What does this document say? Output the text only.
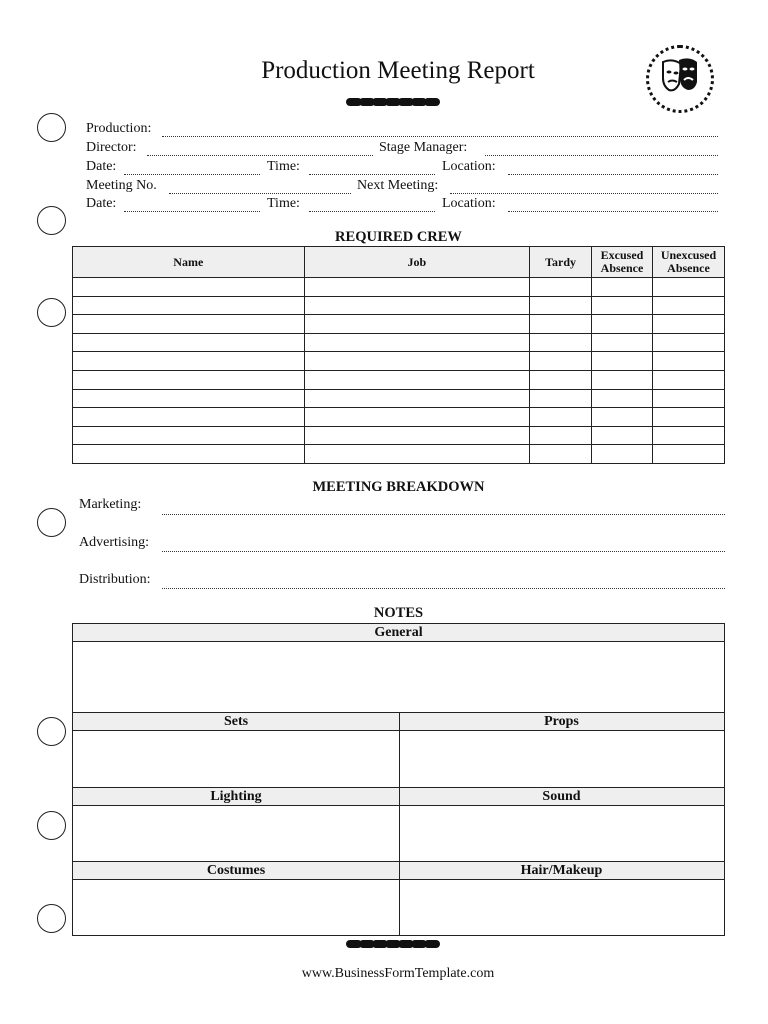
Production Meeting Report
Production:
Director:	Stage Manager:
Date:	Time:	Location:
Meeting No.	Next Meeting:
Date:	Time:	Location:
REQUIRED CREW
Name	Job	Tardy	Excused Absence	Unexcused Absence

MEETING BREAKDOWN
Marketing:
Advertising:
Distribution:
NOTES
General
Sets	Props
Lighting	Sound
Costumes	Hair/Makeup
www.BusinessFormTemplate.com
